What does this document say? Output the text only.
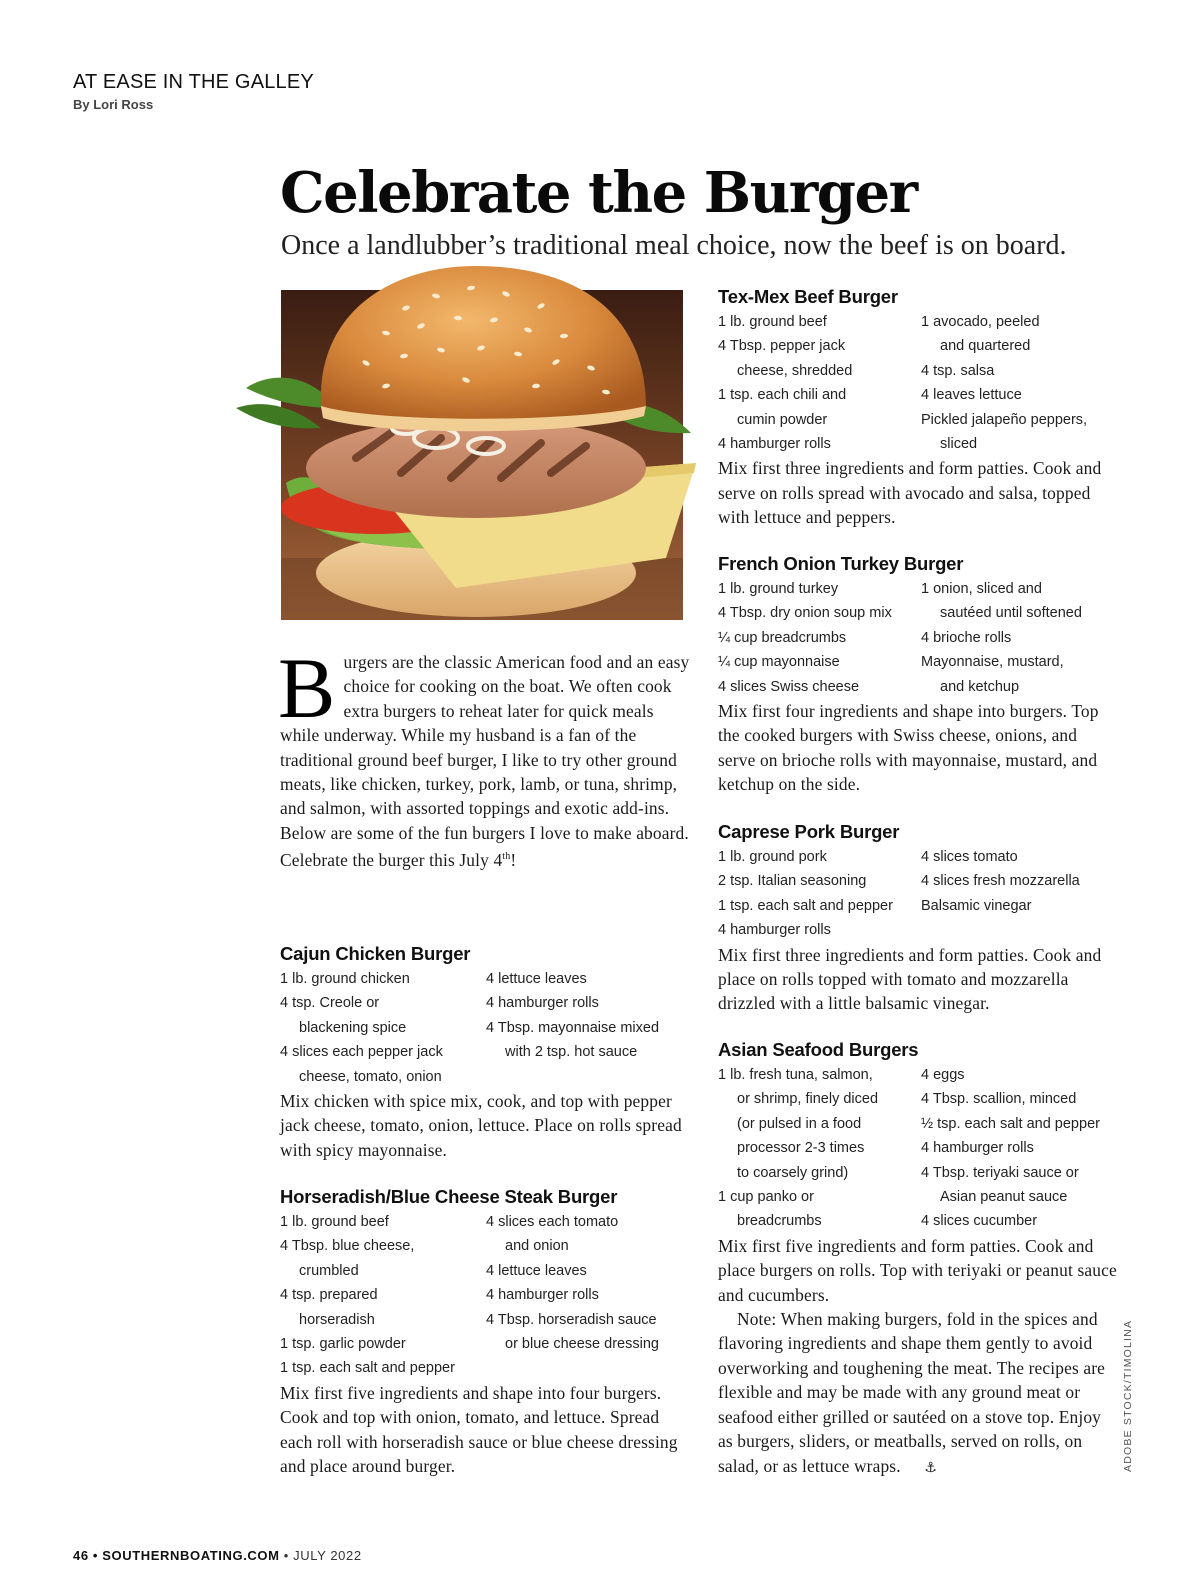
AT EASE IN THE GALLEY
By Lori Ross
Celebrate the Burger
Once a landlubber’s traditional meal choice, now the beef is on board.
Burgers are the classic American food and an easy choice for cooking on the boat. We often cook extra burgers to reheat later for quick meals while underway. While my husband is a fan of the traditional ground beef burger, I like to try other ground meats, like chicken, turkey, pork, lamb, or tuna, shrimp, and salmon, with assorted toppings and exotic add-ins. Below are some of the fun burgers I love to make aboard. Celebrate the burger this July 4th!
Cajun Chicken Burger
1 lb. ground chicken
4 tsp. Creole or
blackening spice
4 slices each pepper jack
cheese, tomato, onion
4 lettuce leaves
4 hamburger rolls
4 Tbsp. mayonnaise mixed
with 2 tsp. hot sauce
Mix chicken with spice mix, cook, and top with pepper jack cheese, tomato, onion, lettuce. Place on rolls spread with spicy mayonnaise.
Horseradish/Blue Cheese Steak Burger
1 lb. ground beef
4 Tbsp. blue cheese,
crumbled
4 tsp. prepared
horseradish
1 tsp. garlic powder
1 tsp. each salt and pepper
4 slices each tomato
and onion
4 lettuce leaves
4 hamburger rolls
4 Tbsp. horseradish sauce
or blue cheese dressing
Mix first five ingredients and shape into four burgers. Cook and top with onion, tomato, and lettuce. Spread each roll with horseradish sauce or blue cheese dressing and place around burger.
Tex-Mex Beef Burger
1 lb. ground beef
4 Tbsp. pepper jack
cheese, shredded
1 tsp. each chili and
cumin powder
4 hamburger rolls
1 avocado, peeled
and quartered
4 tsp. salsa
4 leaves lettuce
Pickled jalapeño peppers,
sliced
Mix first three ingredients and form patties. Cook and serve on rolls spread with avocado and salsa, topped with lettuce and peppers.
French Onion Turkey Burger
1 lb. ground turkey
4 Tbsp. dry onion soup mix
¼ cup breadcrumbs
¼ cup mayonnaise
4 slices Swiss cheese
1 onion, sliced and
sautéed until softened
4 brioche rolls
Mayonnaise, mustard,
and ketchup
Mix first four ingredients and shape into burgers. Top the cooked burgers with Swiss cheese, onions, and serve on brioche rolls with mayonnaise, mustard, and ketchup on the side.
Caprese Pork Burger
1 lb. ground pork
2 tsp. Italian seasoning
1 tsp. each salt and pepper
4 hamburger rolls
4 slices tomato
4 slices fresh mozzarella
Balsamic vinegar
Mix first three ingredients and form patties. Cook and place on rolls topped with tomato and mozzarella drizzled with a little balsamic vinegar.
Asian Seafood Burgers
1 lb. fresh tuna, salmon,
or shrimp, finely diced
(or pulsed in a food
processor 2-3 times
to coarsely grind)
1 cup panko or
breadcrumbs
4 eggs
4 Tbsp. scallion, minced
½ tsp. each salt and pepper
4 hamburger rolls
4 Tbsp. teriyaki sauce or
Asian peanut sauce
4 slices cucumber
Mix first five ingredients and form patties. Cook and place burgers on rolls. Top with teriyaki or peanut sauce and cucumbers.
Note: When making burgers, fold in the spices and flavoring ingredients and shape them gently to avoid overworking and toughening the meat. The recipes are flexible and may be made with any ground meat or seafood either grilled or sautéed on a stove top. Enjoy as burgers, sliders, or meatballs, served on rolls, on salad, or as lettuce wraps. ⚓	ADOBE STOCK/TIMOLINA
46 • SOUTHERNBOATING.COM • JULY 2022
